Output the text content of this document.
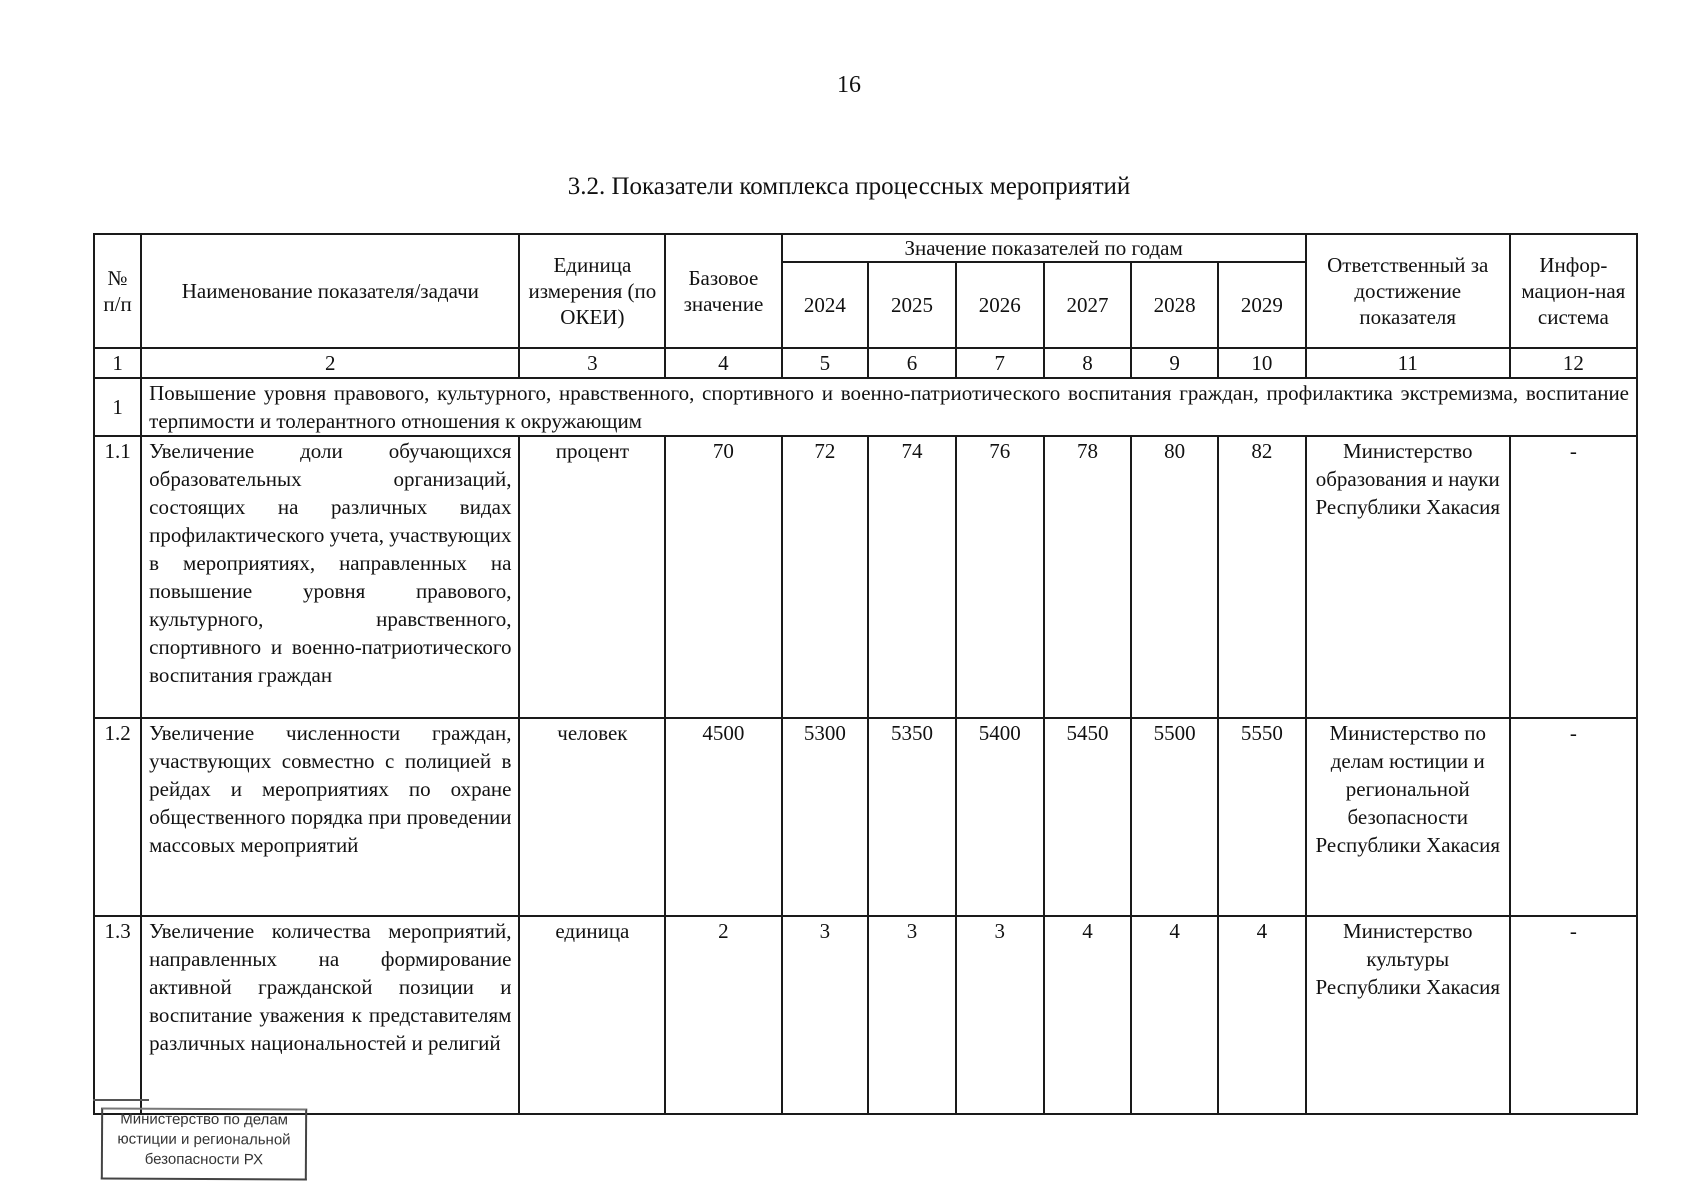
16
3.2. Показатели комплекса процессных мероприятий
№ п/п	Наименование показателя/задачи	Единица измерения (по ОКЕИ)	Базовое значение	Значение показателей по годам						Ответственный за достижение показателя	Инфор-мацион-ная система
				2024	2025	2026	2027	2028	2029		
1	2	3	4	5	6	7	8	9	10	11	12
1	Повышение уровня правового, культурного, нравственного, спортивного и военно-патриотического воспитания граждан, профилактика экстремизма, воспитание терпимости и толерантного отношения к окружающим										
1.1	Увеличение доли обучающихся образовательных организаций, состоящих на различных видах профилактического учета, участвующих в мероприятиях, направленных на повышение уровня правового, культурного, нравственного, спортивного и военно-патриотического воспитания граждан	процент	70	72	74	76	78	80	82	Министерство образования и науки Республики Хакасия	-
1.2	Увеличение численности граждан, участвующих совместно с полицией в рейдах и мероприятиях по охране общественного порядка при проведении массовых мероприятий	человек	4500	5300	5350	5400	5450	5500	5550	Министерство по делам юстиции и региональной безопасности Республики Хакасия	-
1.3	Увеличение количества мероприятий, направленных на формирование активной гражданской позиции и воспитание уважения к представителям различных национальностей и религий	единица	2	3	3	3	4	4	4	Министерство культуры Республики Хакасия	-
Министерство по делам
юстиции и региональной
безопасности РХ
